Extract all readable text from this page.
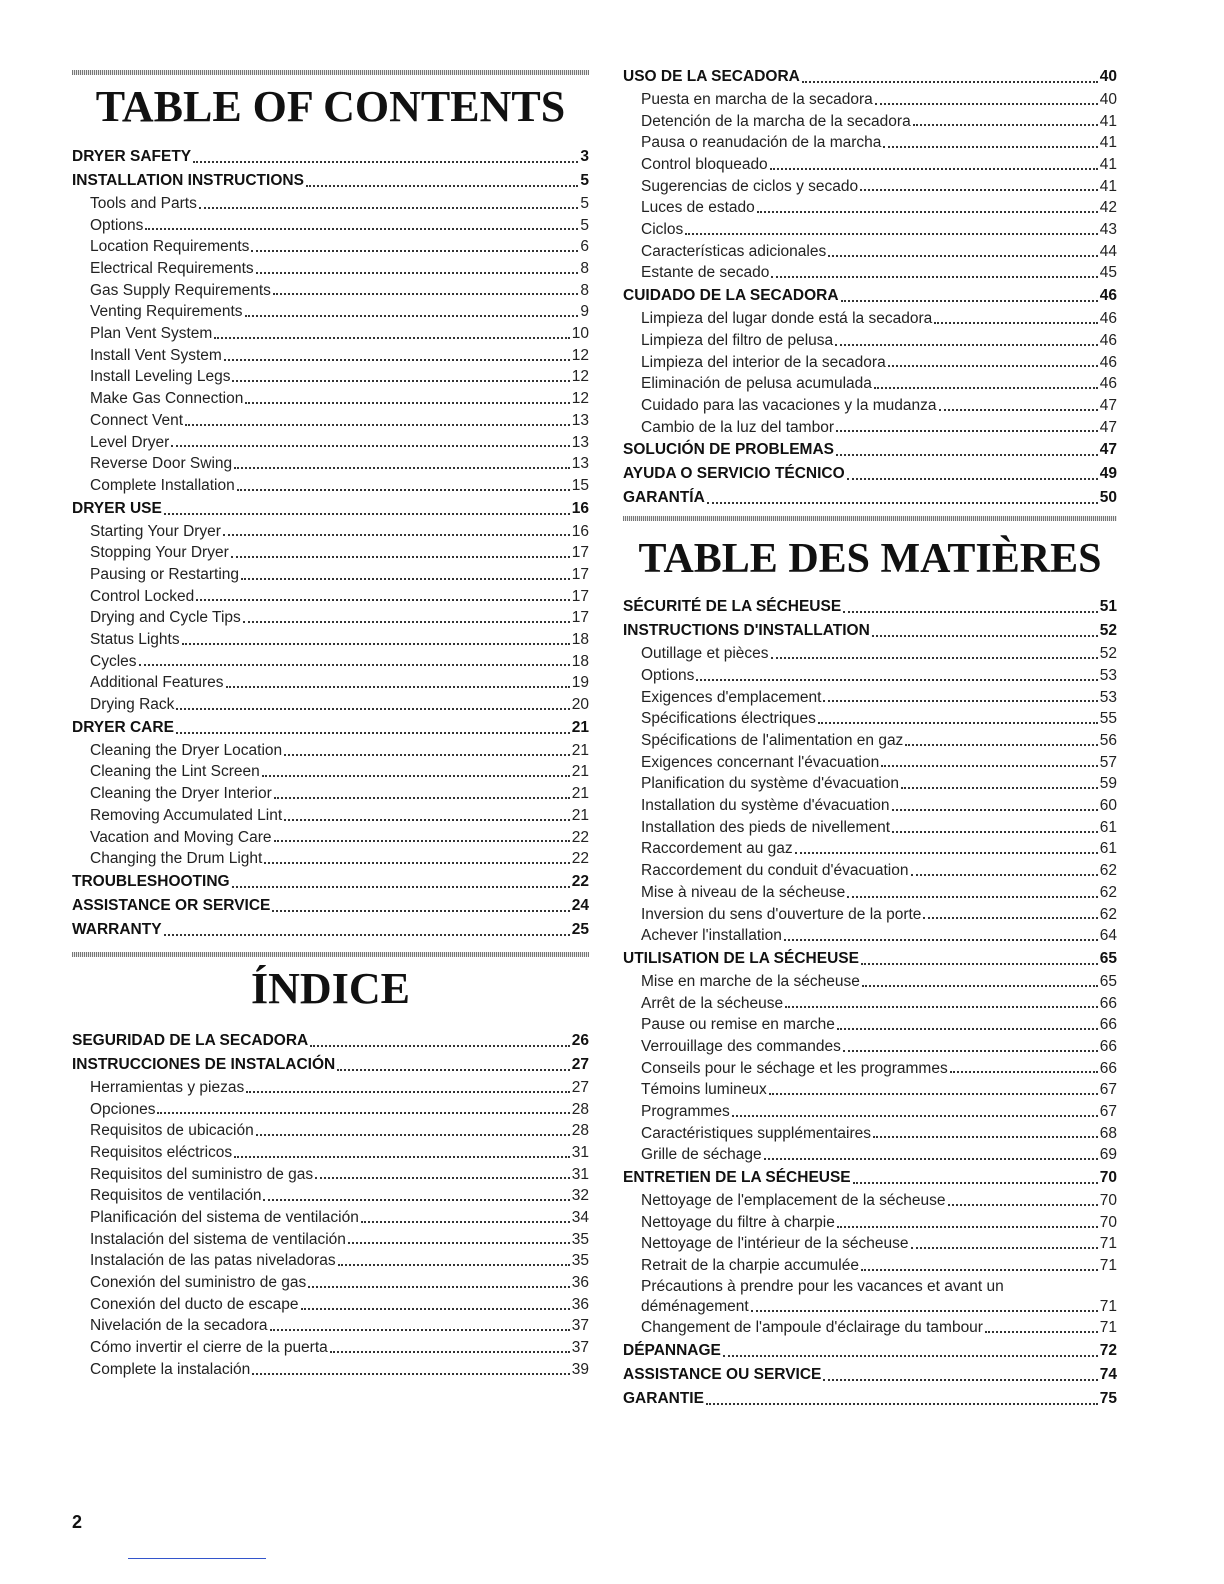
TABLE OF CONTENTS
DRYER SAFETY	3
INSTALLATION INSTRUCTIONS	5
Tools and Parts	5
Options	5
Location Requirements	6
Electrical Requirements	8
Gas Supply Requirements	8
Venting Requirements	9
Plan Vent System	10
Install Vent System	12
Install Leveling Legs	12
Make Gas Connection	12
Connect Vent	13
Level Dryer	13
Reverse Door Swing	13
Complete Installation	15
DRYER USE	16
Starting Your Dryer	16
Stopping Your Dryer	17
Pausing or Restarting	17
Control Locked	17
Drying and Cycle Tips	17
Status Lights	18
Cycles	18
Additional Features	19
Drying Rack	20
DRYER CARE	21
Cleaning the Dryer Location	21
Cleaning the Lint Screen	21
Cleaning the Dryer Interior	21
Removing Accumulated Lint	21
Vacation and Moving Care	22
Changing the Drum Light	22
TROUBLESHOOTING	22
ASSISTANCE OR SERVICE	24
WARRANTY	25
ÍNDICE
SEGURIDAD DE LA SECADORA	26
INSTRUCCIONES DE INSTALACIÓN	27
Herramientas y piezas	27
Opciones	28
Requisitos de ubicación	28
Requisitos eléctricos	31
Requisitos del suministro de gas	31
Requisitos de ventilación	32
Planificación del sistema de ventilación	34
Instalación del sistema de ventilación	35
Instalación de las patas niveladoras	35
Conexión del suministro de gas	36
Conexión del ducto de escape	36
Nivelación de la secadora	37
Cómo invertir el cierre de la puerta	37
Complete la instalación	39
USO DE LA SECADORA	40
Puesta en marcha de la secadora	40
Detención de la marcha de la secadora	41
Pausa o reanudación de la marcha	41
Control bloqueado	41
Sugerencias de ciclos y secado	41
Luces de estado	42
Ciclos	43
Características adicionales	44
Estante de secado	45
CUIDADO DE LA SECADORA	46
Limpieza del lugar donde está la secadora	46
Limpieza del filtro de pelusa	46
Limpieza del interior de la secadora	46
Eliminación de pelusa acumulada	46
Cuidado para las vacaciones y la mudanza	47
Cambio de la luz del tambor	47
SOLUCIÓN DE PROBLEMAS	47
AYUDA O SERVICIO TÉCNICO	49
GARANTÍA	50
TABLE DES MATIÈRES
SÉCURITÉ DE LA SÉCHEUSE	51
INSTRUCTIONS D'INSTALLATION	52
Outillage et pièces	52
Options	53
Exigences d'emplacement	53
Spécifications électriques	55
Spécifications de l'alimentation en gaz	56
Exigences concernant l'évacuation	57
Planification du système d'évacuation	59
Installation du système d'évacuation	60
Installation des pieds de nivellement	61
Raccordement au gaz	61
Raccordement du conduit d'évacuation	62
Mise à niveau de la sécheuse	62
Inversion du sens d'ouverture de la porte	62
Achever l'installation	64
UTILISATION DE LA SÉCHEUSE	65
Mise en marche de la sécheuse	65
Arrêt de la sécheuse	66
Pause ou remise en marche	66
Verrouillage des commandes	66
Conseils pour le séchage et les programmes	66
Témoins lumineux	67
Programmes	67
Caractéristiques supplémentaires	68
Grille de séchage	69
ENTRETIEN DE LA SÉCHEUSE	70
Nettoyage de l'emplacement de la sécheuse	70
Nettoyage du filtre à charpie	70
Nettoyage de l'intérieur de la sécheuse	71
Retrait de la charpie accumulée	71
Précautions à prendre pour les vacances et avant un
déménagement	71
Changement de l'ampoule d'éclairage du tambour	71
DÉPANNAGE	72
ASSISTANCE OU SERVICE	74
GARANTIE	75
2
